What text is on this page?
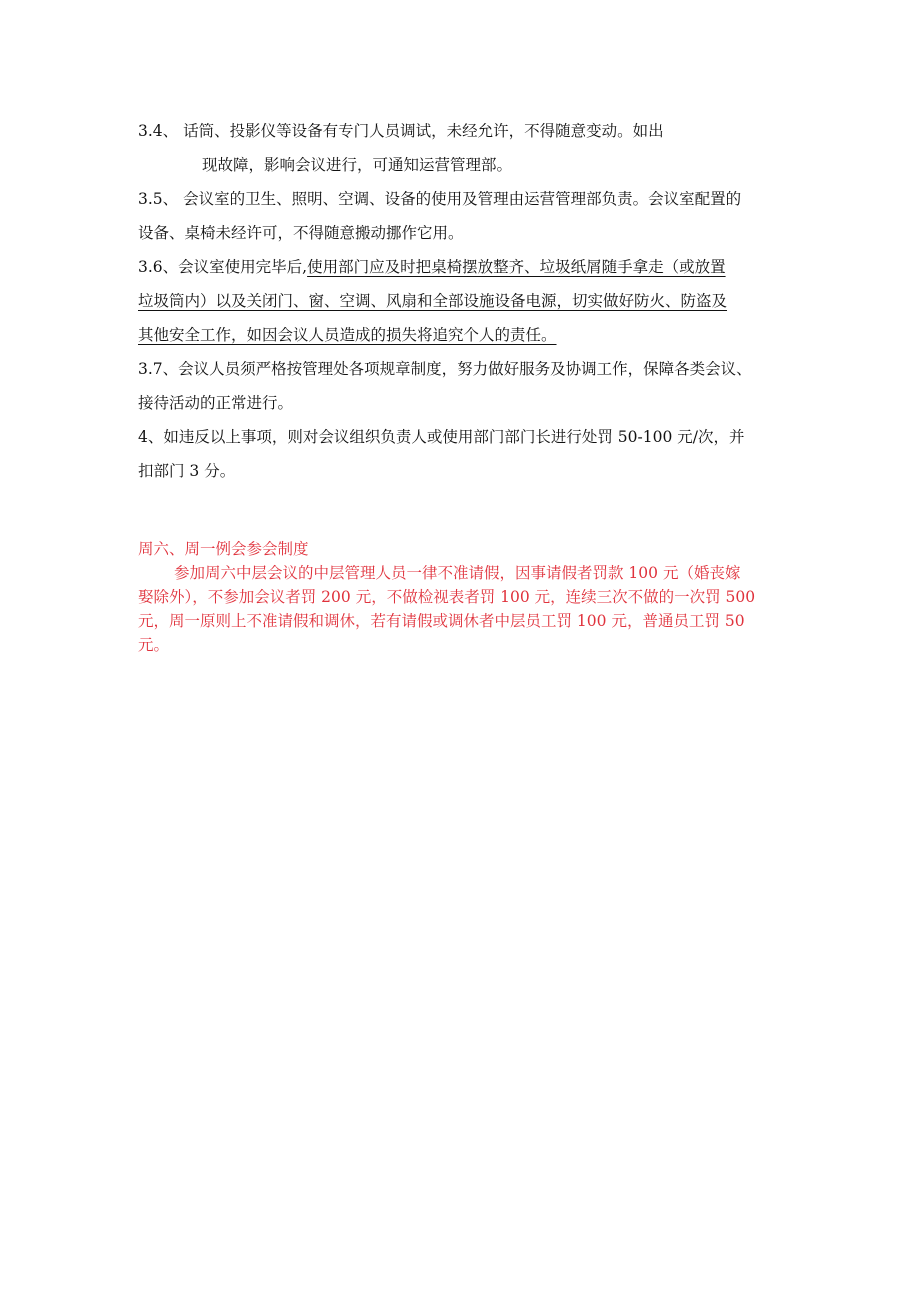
3.4、 话筒、投影仪等设备有专门人员调试，未经允许，不得随意变动。如出
现故障，影响会议进行，可通知运营管理部。
3.5、 会议室的卫生、照明、空调、设备的使用及管理由运营管理部负责。会议室配置的
设备、桌椅未经许可，不得随意搬动挪作它用。
3.6、会议室使用完毕后,使用部门应及时把桌椅摆放整齐、垃圾纸屑随手拿走（或放置
垃圾筒内）以及关闭门、窗、空调、风扇和全部设施设备电源，切实做好防火、防盗及
其他安全工作，如因会议人员造成的损失将追究个人的责任。
3.7、会议人员须严格按管理处各项规章制度，努力做好服务及协调工作，保障各类会议、
接待活动的正常进行。
4、如违反以上事项，则对会议组织负责人或使用部门部门长进行处罚 50-100 元/次，并
扣部门 3 分。
周六、周一例会参会制度
参加周六中层会议的中层管理人员一律不准请假，因事请假者罚款 100 元（婚丧嫁
娶除外），不参加会议者罚 200 元，不做检视表者罚 100 元，连续三次不做的一次罚 500
元，周一原则上不准请假和调休，若有请假或调休者中层员工罚 100 元，普通员工罚 50
元。
